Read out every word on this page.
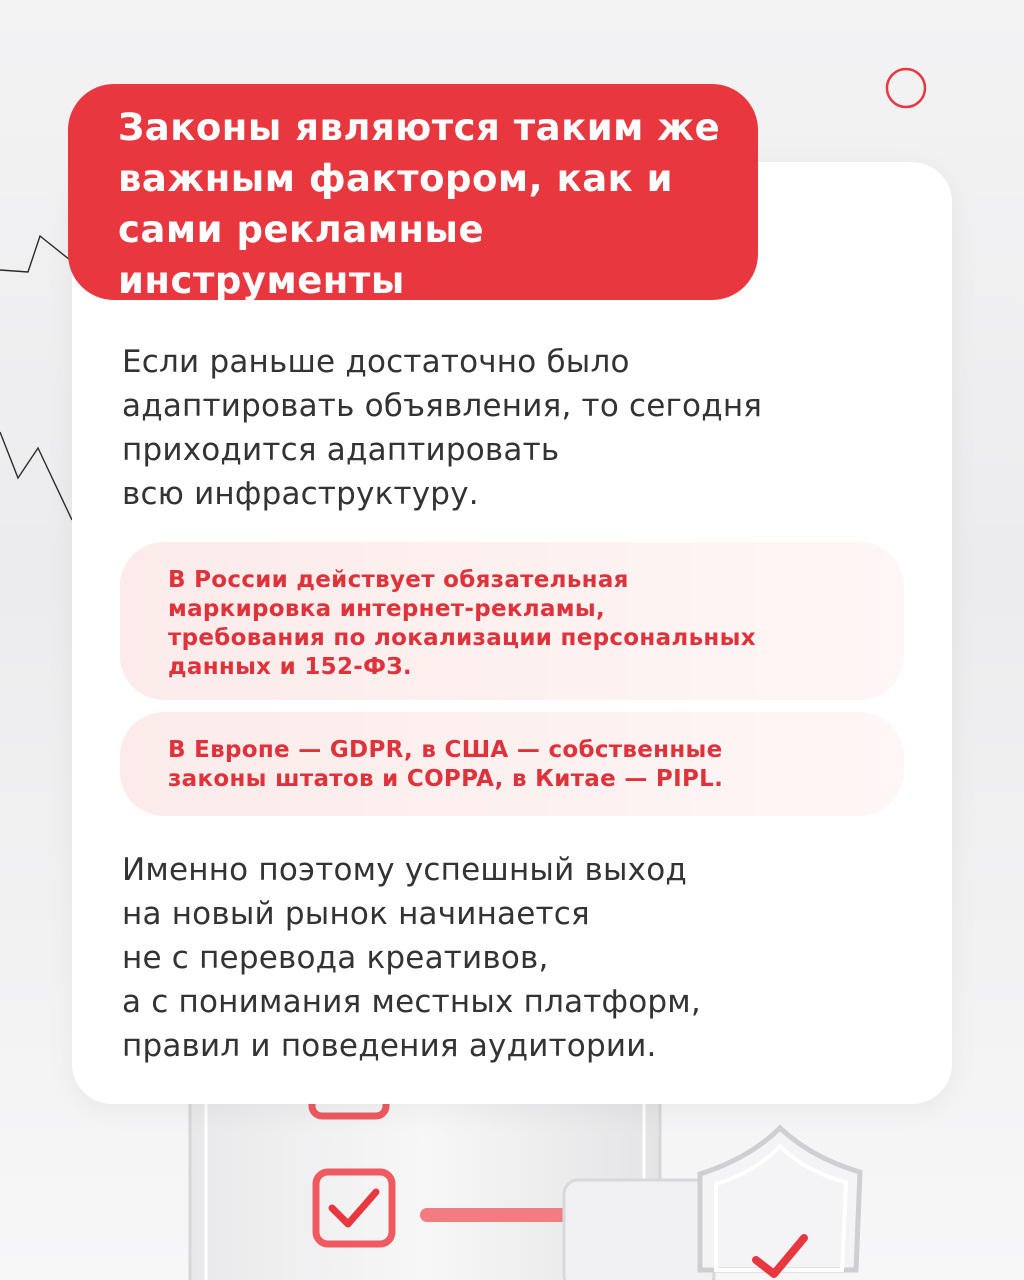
Законы являются таким же важным фактором, как и сами рекламные инструменты

Если раньше достаточно было
адаптировать объявления, то сегодня
приходится адаптировать
всю инфраструктуру.

В России действует обязательная
маркировка интернет-рекламы,
требования по локализации персональных
данных и 152-ФЗ.

В Европе — GDPR, в США — собственные
законы штатов и COPPA, в Китае — PIPL.

Именно поэтому успешный выход
на новый рынок начинается
не с перевода креативов,
а с понимания местных платформ,
правил и поведения аудитории.
